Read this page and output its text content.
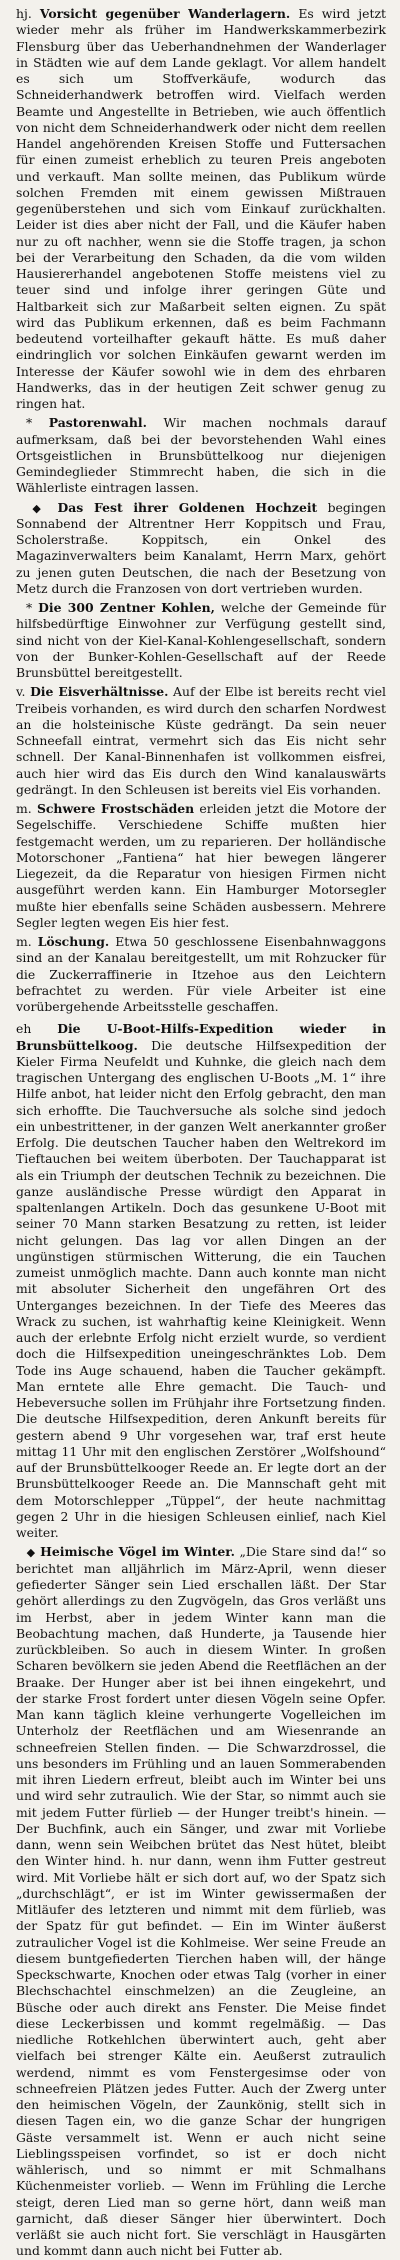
hj. Vorsicht gegenüber Wanderlagern. Es wird jetzt wieder mehr als früher im Handwerkskammerbezirk Flensburg über das Ueberhandnehmen der Wanderlager in Städten wie auf dem Lande geklagt. Vor allem handelt es sich um Stoffverkäufe, wodurch das Schneiderhandwerk betroffen wird. Vielfach werden Beamte und Angestellte in Betrieben, wie auch öffentlich von nicht dem Schneiderhandwerk oder nicht dem reellen Handel angehörenden Kreisen Stoffe und Futtersachen für einen zumeist erheblich zu teuren Preis angeboten und verkauft. Man sollte meinen, das Publikum würde solchen Fremden mit einem gewissen Mißtrauen gegenüberstehen und sich vom Einkauf zurückhalten. Leider ist dies aber nicht der Fall, und die Käufer haben nur zu oft nachher, wenn sie die Stoffe tragen, ja schon bei der Verarbeitung den Schaden, da die vom wilden Hausiererhandel angebotenen Stoffe meistens viel zu teuer sind und infolge ihrer geringen Güte und Haltbarkeit sich zur Maßarbeit selten eignen. Zu spät wird das Publikum erkennen, daß es beim Fachmann bedeutend vorteilhafter gekauft hätte. Es muß daher eindringlich vor solchen Einkäufen gewarnt werden im Interesse der Käufer sowohl wie in dem des ehrbaren Handwerks, das in der heutigen Zeit schwer genug zu ringen hat.

* Pastorenwahl. Wir machen nochmals darauf aufmerksam, daß bei der bevorstehenden Wahl eines Ortsgeistlichen in Brunsbüttelkoog nur diejenigen Gemindeglieder Stimmrecht haben, die sich in die Wählerliste eintragen lassen.

◆ Das Fest ihrer Goldenen Hochzeit begingen Sonnabend der Altrentner Herr Koppitsch und Frau, Scholerstraße. Koppitsch, ein Onkel des Magazinverwalters beim Kanalamt, Herrn Marx, gehört zu jenen guten Deutschen, die nach der Besetzung von Metz durch die Franzosen von dort vertrieben wurden.

* Die 300 Zentner Kohlen, welche der Gemeinde für hilfsbedürftige Einwohner zur Verfügung gestellt sind, sind nicht von der Kiel-Kanal-Kohlengesellschaft, sondern von der Bunker-Kohlen-Gesellschaft auf der Reede Brunsbüttel bereitgestellt.

v. Die Eisverhältnisse. Auf der Elbe ist bereits recht viel Treibeis vorhanden, es wird durch den scharfen Nordwest an die holsteinische Küste gedrängt. Da sein neuer Schneefall eintrat, vermehrt sich das Eis nicht sehr schnell. Der Kanal-Binnenhafen ist vollkommen eisfrei, auch hier wird das Eis durch den Wind kanalauswärts gedrängt. In den Schleusen ist bereits viel Eis vorhanden.

m. Schwere Frostschäden erleiden jetzt die Motore der Segelschiffe. Verschiedene Schiffe mußten hier festgemacht werden, um zu reparieren. Der holländische Motorschoner „Fantiena“ hat hier bewegen längerer Liegezeit, da die Reparatur von hiesigen Firmen nicht ausgeführt werden kann. Ein Hamburger Motorsegler mußte hier ebenfalls seine Schäden ausbessern. Mehrere Segler legten wegen Eis hier fest.

m. Löschung. Etwa 50 geschlossene Eisenbahnwaggons sind an der Kanalau bereitgestellt, um mit Rohzucker für die Zuckerraffinerie in Itzehoe aus den Leichtern befrachtet zu werden. Für viele Arbeiter ist eine vorübergehende Arbeitsstelle geschaffen.

eh Die U-Boot-Hilfs-Expedition wieder in Brunsbüttelkoog. Die deutsche Hilfsexpedition der Kieler Firma Neufeldt und Kuhnke, die gleich nach dem tragischen Untergang des englischen U-Boots „M. 1“ ihre Hilfe anbot, hat leider nicht den Erfolg gebracht, den man sich erhoffte. Die Tauchversuche als solche sind jedoch ein unbestrittener, in der ganzen Welt anerkannter großer Erfolg. Die deutschen Taucher haben den Weltrekord im Tieftauchen bei weitem überboten. Der Tauchapparat ist als ein Triumph der deutschen Technik zu bezeichnen. Die ganze ausländische Presse würdigt den Apparat in spaltenlangen Artikeln. Doch das gesunkene U-Boot mit seiner 70 Mann starken Besatzung zu retten, ist leider nicht gelungen. Das lag vor allen Dingen an der ungünstigen stürmischen Witterung, die ein Tauchen zumeist unmöglich machte. Dann auch konnte man nicht mit absoluter Sicherheit den ungefähren Ort des Unterganges bezeichnen. In der Tiefe des Meeres das Wrack zu suchen, ist wahrhaftig keine Kleinigkeit. Wenn auch der erlebnte Erfolg nicht erzielt wurde, so verdient doch die Hilfsexpedition uneingeschränktes Lob. Dem Tode ins Auge schauend, haben die Taucher gekämpft. Man erntete alle Ehre gemacht. Die Tauch- und Hebeversuche sollen im Frühjahr ihre Fortsetzung finden. Die deutsche Hilfsexpedition, deren Ankunft bereits für gestern abend 9 Uhr vorgesehen war, traf erst heute mittag 11 Uhr mit den englischen Zerstörer „Wolfshound“ auf der Brunsbüttelkooger Reede an. Er legte dort an der Brunsbüttelkooger Reede an. Die Mannschaft geht mit dem Motorschlepper „Tüppel“, der heute nachmittag gegen 2 Uhr in die hiesigen Schleusen einlief, nach Kiel weiter.

◆ Heimische Vögel im Winter. „Die Stare sind da!“ so berichtet man alljährlich im März-April, wenn dieser gefiederter Sänger sein Lied erschallen läßt. Der Star gehört allerdings zu den Zugvögeln, das Gros verläßt uns im Herbst, aber in jedem Winter kann man die Beobachtung machen, daß Hunderte, ja Tausende hier zurückbleiben. So auch in diesem Winter. In großen Scharen bevölkern sie jeden Abend die Reetflächen an der Braake. Der Hunger aber ist bei ihnen eingekehrt, und der starke Frost fordert unter diesen Vögeln seine Opfer. Man kann täglich kleine verhungerte Vogelleichen im Unterholz der Reetflächen und am Wiesenrande an schneefreien Stellen finden. — Die Schwarzdrossel, die uns besonders im Frühling und an lauen Sommerabenden mit ihren Liedern erfreut, bleibt auch im Winter bei uns und wird sehr zutraulich. Wie der Star, so nimmt auch sie mit jedem Futter fürlieb — der Hunger treibt's hinein. — Der Buchfink, auch ein Sänger, und zwar mit Vorliebe dann, wenn sein Weibchen brütet das Nest hütet, bleibt den Winter hind. h. nur dann, wenn ihm Futter gestreut wird. Mit Vorliebe hält er sich dort auf, wo der Spatz sich „durchschlägt“, er ist im Winter gewissermaßen der Mitläufer des letzteren und nimmt mit dem fürlieb, was der Spatz für gut befindet. — Ein im Winter äußerst zutraulicher Vogel ist die Kohlmeise. Wer seine Freude an diesem buntgefiederten Tierchen haben will, der hänge Speckschwarte, Knochen oder etwas Talg (vorher in einer Blechschachtel einschmelzen) an die Zeugleine, an Büsche oder auch direkt ans Fenster. Die Meise findet diese Leckerbissen und kommt regelmäßig. — Das niedliche Rotkehlchen überwintert auch, geht aber vielfach bei strenger Kälte ein. Aeußerst zutraulich werdend, nimmt es vom Fenstergesimse oder von schneefreien Plätzen jedes Futter. Auch der Zwerg unter den heimischen Vögeln, der Zaunkönig, stellt sich in diesen Tagen ein, wo die ganze Schar der hungrigen Gäste versammelt ist. Wenn er auch nicht seine Lieblingsspeisen vorfindet, so ist er doch nicht wählerisch, und so nimmt er mit Schmalhans Küchenmeister vorlieb. — Wenn im Frühling die Lerche steigt, deren Lied man so gerne hört, dann weiß man garnicht, daß dieser Sänger hier überwintert. Doch verläßt sie auch nicht fort. Sie verschlägt in Hausgärten und kommt dann auch nicht bei Futter ab.
